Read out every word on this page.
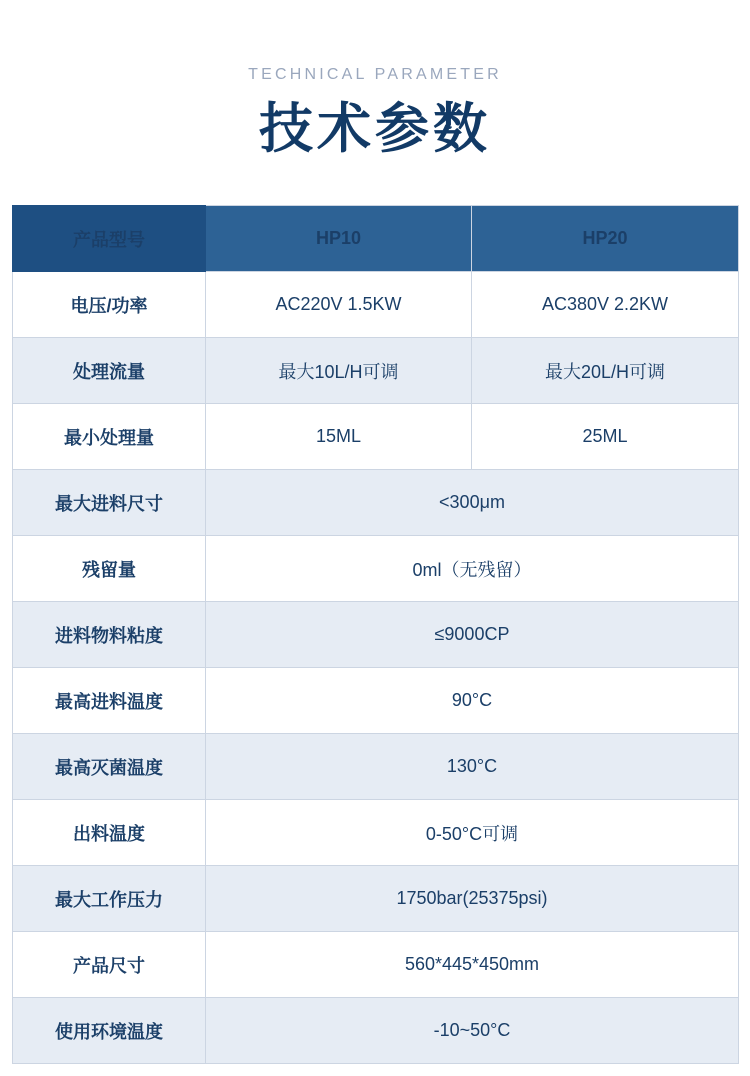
TECHNICAL PARAMETER
技术参数
产品型号	HP10	HP20
电压/功率	AC220V 1.5KW	AC380V 2.2KW
处理流量	最大10L/H可调	最大20L/H可调
最小处理量	15ML	25ML
最大进料尺寸	<300μm	
残留量	0ml（无残留）	
进料物料粘度	≤9000CP	
最高进料温度	90°C	
最高灭菌温度	130°C	
出料温度	0-50°C可调	
最大工作压力	1750bar(25375psi)	
产品尺寸	560*445*450mm	
使用环境温度	-10~50°C	
